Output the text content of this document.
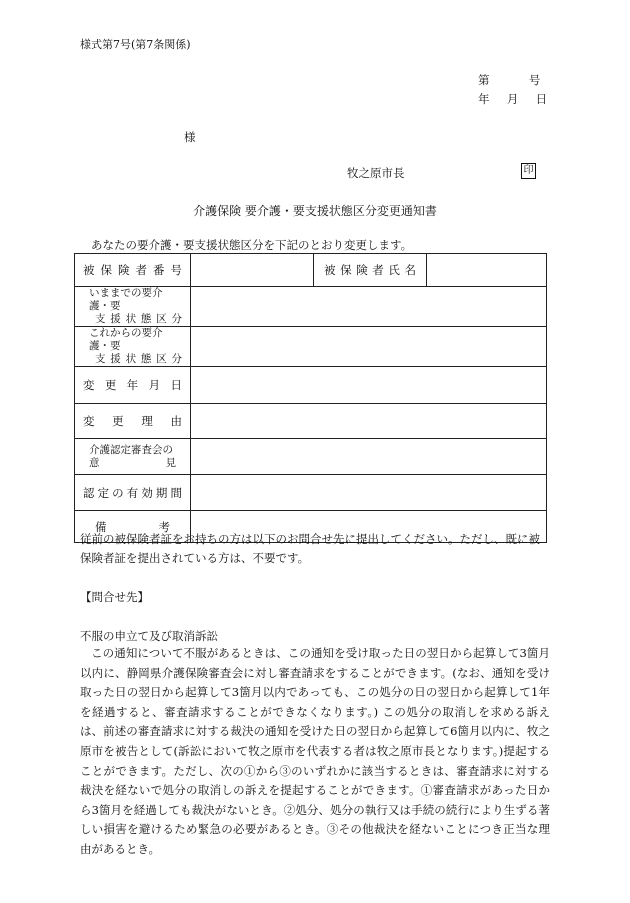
様式第7号(第7条関係)
第	号
年 月 日
様
牧之原市長	印
介護保険 要介護・要支援状態区分変更通知書
あなたの要介護・要支援状態区分を下記のとおり変更します。
被保険者番号		被保険者氏名	

いままでの要介護・要
支援状態区分			

これからの要介護・要
支援状態区分			

変更年月日			
変更理由			

介護認定審査会の
意 見			

認定の有効期間			

備 考			

従前の被保険者証をお持ちの方は以下のお問合せ先に提出してください。ただし、既に被保険者証を提出されている方は、不要です。
【問合せ先】
不服の申立て及び取消訴訟
この通知について不服があるときは、この通知を受け取った日の翌日から起算して3箇月以内に、静岡県介護保険審査会に対し審査請求をすることができます。(なお、通知を受け取った日の翌日から起算して3箇月以内であっても、この処分の日の翌日から起算して1年を経過すると、審査請求することができなくなります。) この処分の取消しを求める訴えは、前述の審査請求に対する裁決の通知を受けた日の翌日から起算して6箇月以内に、牧之原市を被告として(訴訟において牧之原市を代表する者は牧之原市長となります。)提起することができます。ただし、次の①から③のいずれかに該当するときは、審査請求に対する裁決を経ないで処分の取消しの訴えを提起することができます。①審査請求があった日から3箇月を経過しても裁決がないとき。②処分、処分の執行又は手続の続行により生ずる著しい損害を避けるため緊急の必要があるとき。③その他裁決を経ないことにつき正当な理由があるとき。
